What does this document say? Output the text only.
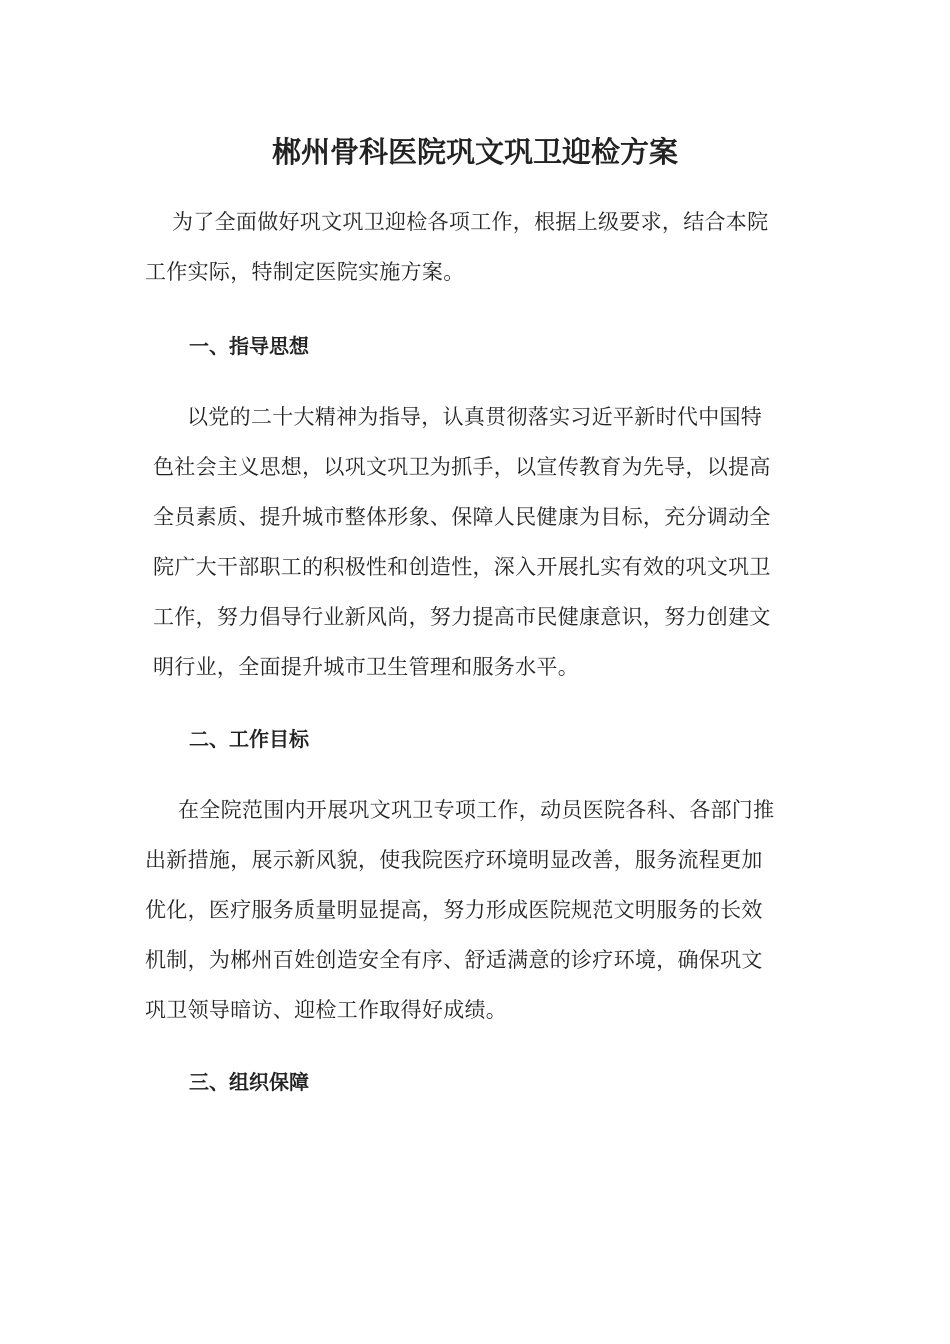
郴州骨科医院巩文巩卫迎检方案
为了全面做好巩文巩卫迎检各项工作，根据上级要求，结合本院
工作实际，特制定医院实施方案。
一、指导思想
以党的二十大精神为指导，认真贯彻落实习近平新时代中国特
色社会主义思想，以巩文巩卫为抓手，以宣传教育为先导，以提高
全员素质、提升城市整体形象、保障人民健康为目标，充分调动全
院广大干部职工的积极性和创造性，深入开展扎实有效的巩文巩卫
工作，努力倡导行业新风尚，努力提高市民健康意识，努力创建文
明行业，全面提升城市卫生管理和服务水平。
二、工作目标
在全院范围内开展巩文巩卫专项工作，动员医院各科、各部门推
出新措施，展示新风貌，使我院医疗环境明显改善，服务流程更加
优化，医疗服务质量明显提高，努力形成医院规范文明服务的长效
机制，为郴州百姓创造安全有序、舒适满意的诊疗环境，确保巩文
巩卫领导暗访、迎检工作取得好成绩。
三、组织保障
